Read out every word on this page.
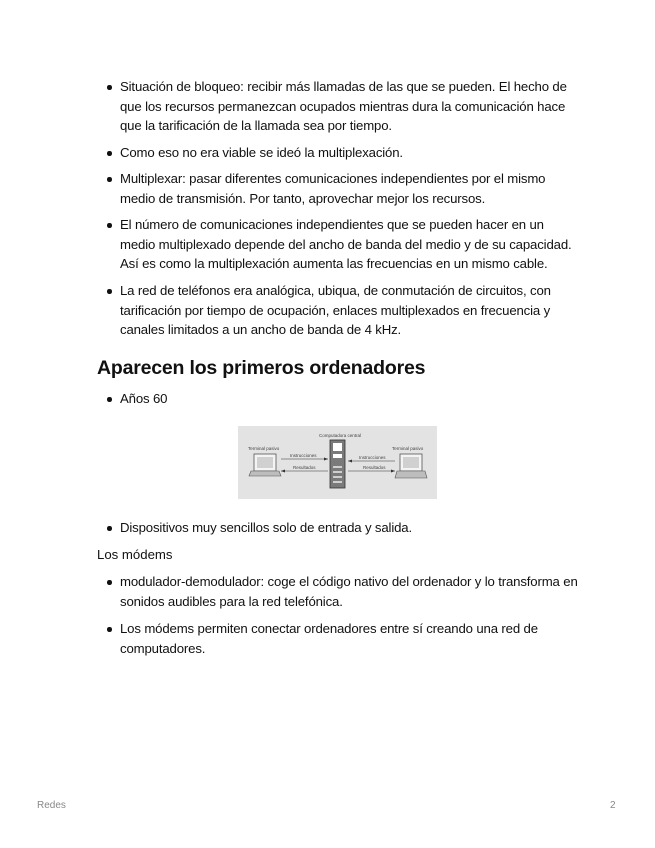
Situación de bloqueo: recibir más llamadas de las que se pueden. El hecho de que los recursos permanezcan ocupados mientras dura la comunicación hace que la tarificación de la llamada sea por tiempo.
Como eso no era viable se ideó la multiplexación.
Multiplexar: pasar diferentes comunicaciones independientes por el mismo medio de transmisión. Por tanto, aprovechar mejor los recursos.
El número de comunicaciones independientes que se pueden hacer en un medio multiplexado depende del ancho de banda del medio y de su capacidad. Así es como la multiplexación aumenta las frecuencias en un mismo cable.
La red de teléfonos era analógica, ubiqua, de conmutación de circuitos, con tarificación por tiempo de ocupación, enlaces multiplexados en frecuencia y canales limitados a un ancho de banda de 4 kHz.
Aparecen los primeros ordenadores
Años 60
Computadora central
Terminal pasivo	Terminal pasivo
Instrucciones
Resultados
Instrucciones
Resultados
Dispositivos muy sencillos solo de entrada y salida.
Los módems
modulador-demodulador: coge el código nativo del ordenador y lo transforma en sonidos audibles para la red telefónica.
Los módems permiten conectar ordenadores entre sí creando una red de computadores.
Redes	2
